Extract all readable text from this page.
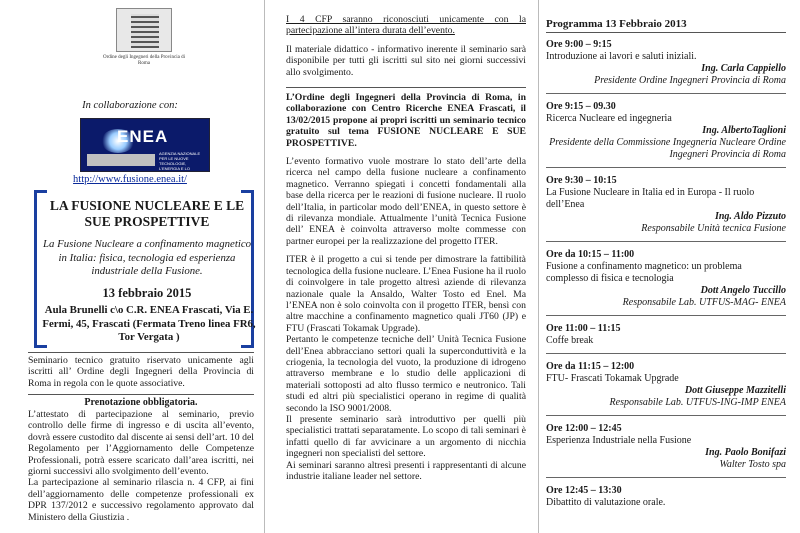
Ordine degli Ingegneri della Provincia di Roma
In collaborazione con:
ENEA
AGENZIA NAZIONALE PER LE NUOVE TECNOLOGIE, L'ENERGIA E LO
http://www.fusione.enea.it/
LA FUSIONE NUCLEARE E LE SUE PROSPETTIVE
La Fusione Nucleare a confinamento magnetico in Italia: fisica, tecnologia ed esperienza industriale della Fusione.
13 febbraio 2015
Aula Brunelli c\o C.R. ENEA Frascati, Via E. Fermi, 45, Frascati (Fermata Treno linea FR6, Tor Vergata )
Seminario tecnico gratuito riservato unicamente agli iscritti all’ Ordine degli Ingegneri della Provincia di Roma in regola con le quote associative.
Prenotazione obbligatoria.
L’attestato di partecipazione al seminario, previo controllo delle firme di ingresso e di uscita all’evento, dovrà essere custodito dal discente ai sensi dell’art. 10 del Regolamento per l’Aggiornamento delle Competenze Professionali, potrà essere scaricato dall’area iscritti, nei giorni successivi allo svolgimento dell’evento.
La partecipazione al seminario rilascia n. 4 CFP, ai fini dell’aggiornamento delle competenze professionali ex DPR 137/2012 e successivo regolamento approvato dal Ministero della Giustizia .
I 4 CFP saranno riconosciuti unicamente con la partecipazione all’intera durata dell’evento.
Il materiale didattico - informativo inerente il seminario sarà disponibile per tutti gli iscritti sul sito nei giorni successivi allo svolgimento.

L’Ordine degli Ingegneri della Provincia di Roma, in collaborazione con Centro Ricerche ENEA Frascati, il 13/02/2015 propone ai propri iscritti un seminario tecnico gratuito sul tema FUSIONE NUCLEARE E SUE PROSPETTIVE.

L’evento formativo vuole mostrare lo stato dell’arte della ricerca nel campo della fusione nucleare a confinamento magnetico. Verranno spiegati i concetti fondamentali alla base della ricerca per le reazioni di fusione nucleare. Il ruolo dell’Italia, in particolar modo dell’ENEA, in questo settore è di rilevanza mondiale. Attualmente l’unità Tecnica Fusione dell’ ENEA è coinvolta attraverso molte commesse con partner europei per la realizzazione del progetto ITER.

ITER è il progetto a cui si tende per dimostrare la fattibilità tecnologica della fusione nucleare. L’Enea Fusione ha il ruolo di coinvolgere in tale progetto altresì aziende di rilevanza nazionale quale la Ansaldo, Walter Tosto ed Enel. Ma l’ENEA non è solo coinvolta con il progetto ITER, bensì con altre macchine a confinamento magnetico quali JT60 (JP) e FTU (Frascati Tokamak Upgrade).

Pertanto le competenze tecniche dell’ Unità Tecnica Fusione dell’Enea abbracciano settori quali la superconduttività e la criogenia, la tecnologia del vuoto, la produzione di idrogeno attraverso membrane e lo studio delle applicazioni di materiali sottoposti ad alto flusso termico e neutronico. Tali studi ed altri più specialistici operano in regime di qualità secondo la ISO 9001/2008.

Il presente seminario sarà introduttivo per quelli più specialistici trattati separatamente. Lo scopo di tali seminari è infatti quello di far avvicinare a un argomento di nicchia ingegneri non specialisti del settore.

Ai seminari saranno altresì presenti i rappresentanti di alcune industrie italiane leader nel settore.

Programma 13 Febbraio 2013
Ore 9:00 – 9:15
Introduzione ai lavori e saluti iniziali.
Ing. Carla Cappiello
Presidente Ordine Ingegneri Provincia di Roma
Ore 9:15 – 09.30
Ricerca Nucleare ed ingegneria
Ing. AlbertoTaglioni
Presidente della Commissione Ingegneria Nucleare Ordine Ingegneri Provincia di Roma
Ore 9:30 – 10:15
La Fusione Nucleare in Italia ed in Europa - Il ruolo dell’Enea
Ing. Aldo Pizzuto
Responsabile Unità tecnica Fusione
Ore da 10:15 – 11:00
Fusione a confinamento magnetico: un problema complesso di fisica e tecnologia
Dott Angelo Tuccillo
Responsabile Lab. UTFUS-MAG- ENEA
Ore 11:00 – 11:15
Coffe break
Ore da 11:15 – 12:00
FTU- Frascati Tokamak Upgrade
Dott Giuseppe Mazzitelli
Responsabile Lab. UTFUS-ING-IMP ENEA
Ore 12:00 – 12:45
Esperienza Industriale nella Fusione
Ing. Paolo Bonifazi
Walter Tosto spa
Ore 12:45 – 13:30
Dibattito di valutazione orale.
